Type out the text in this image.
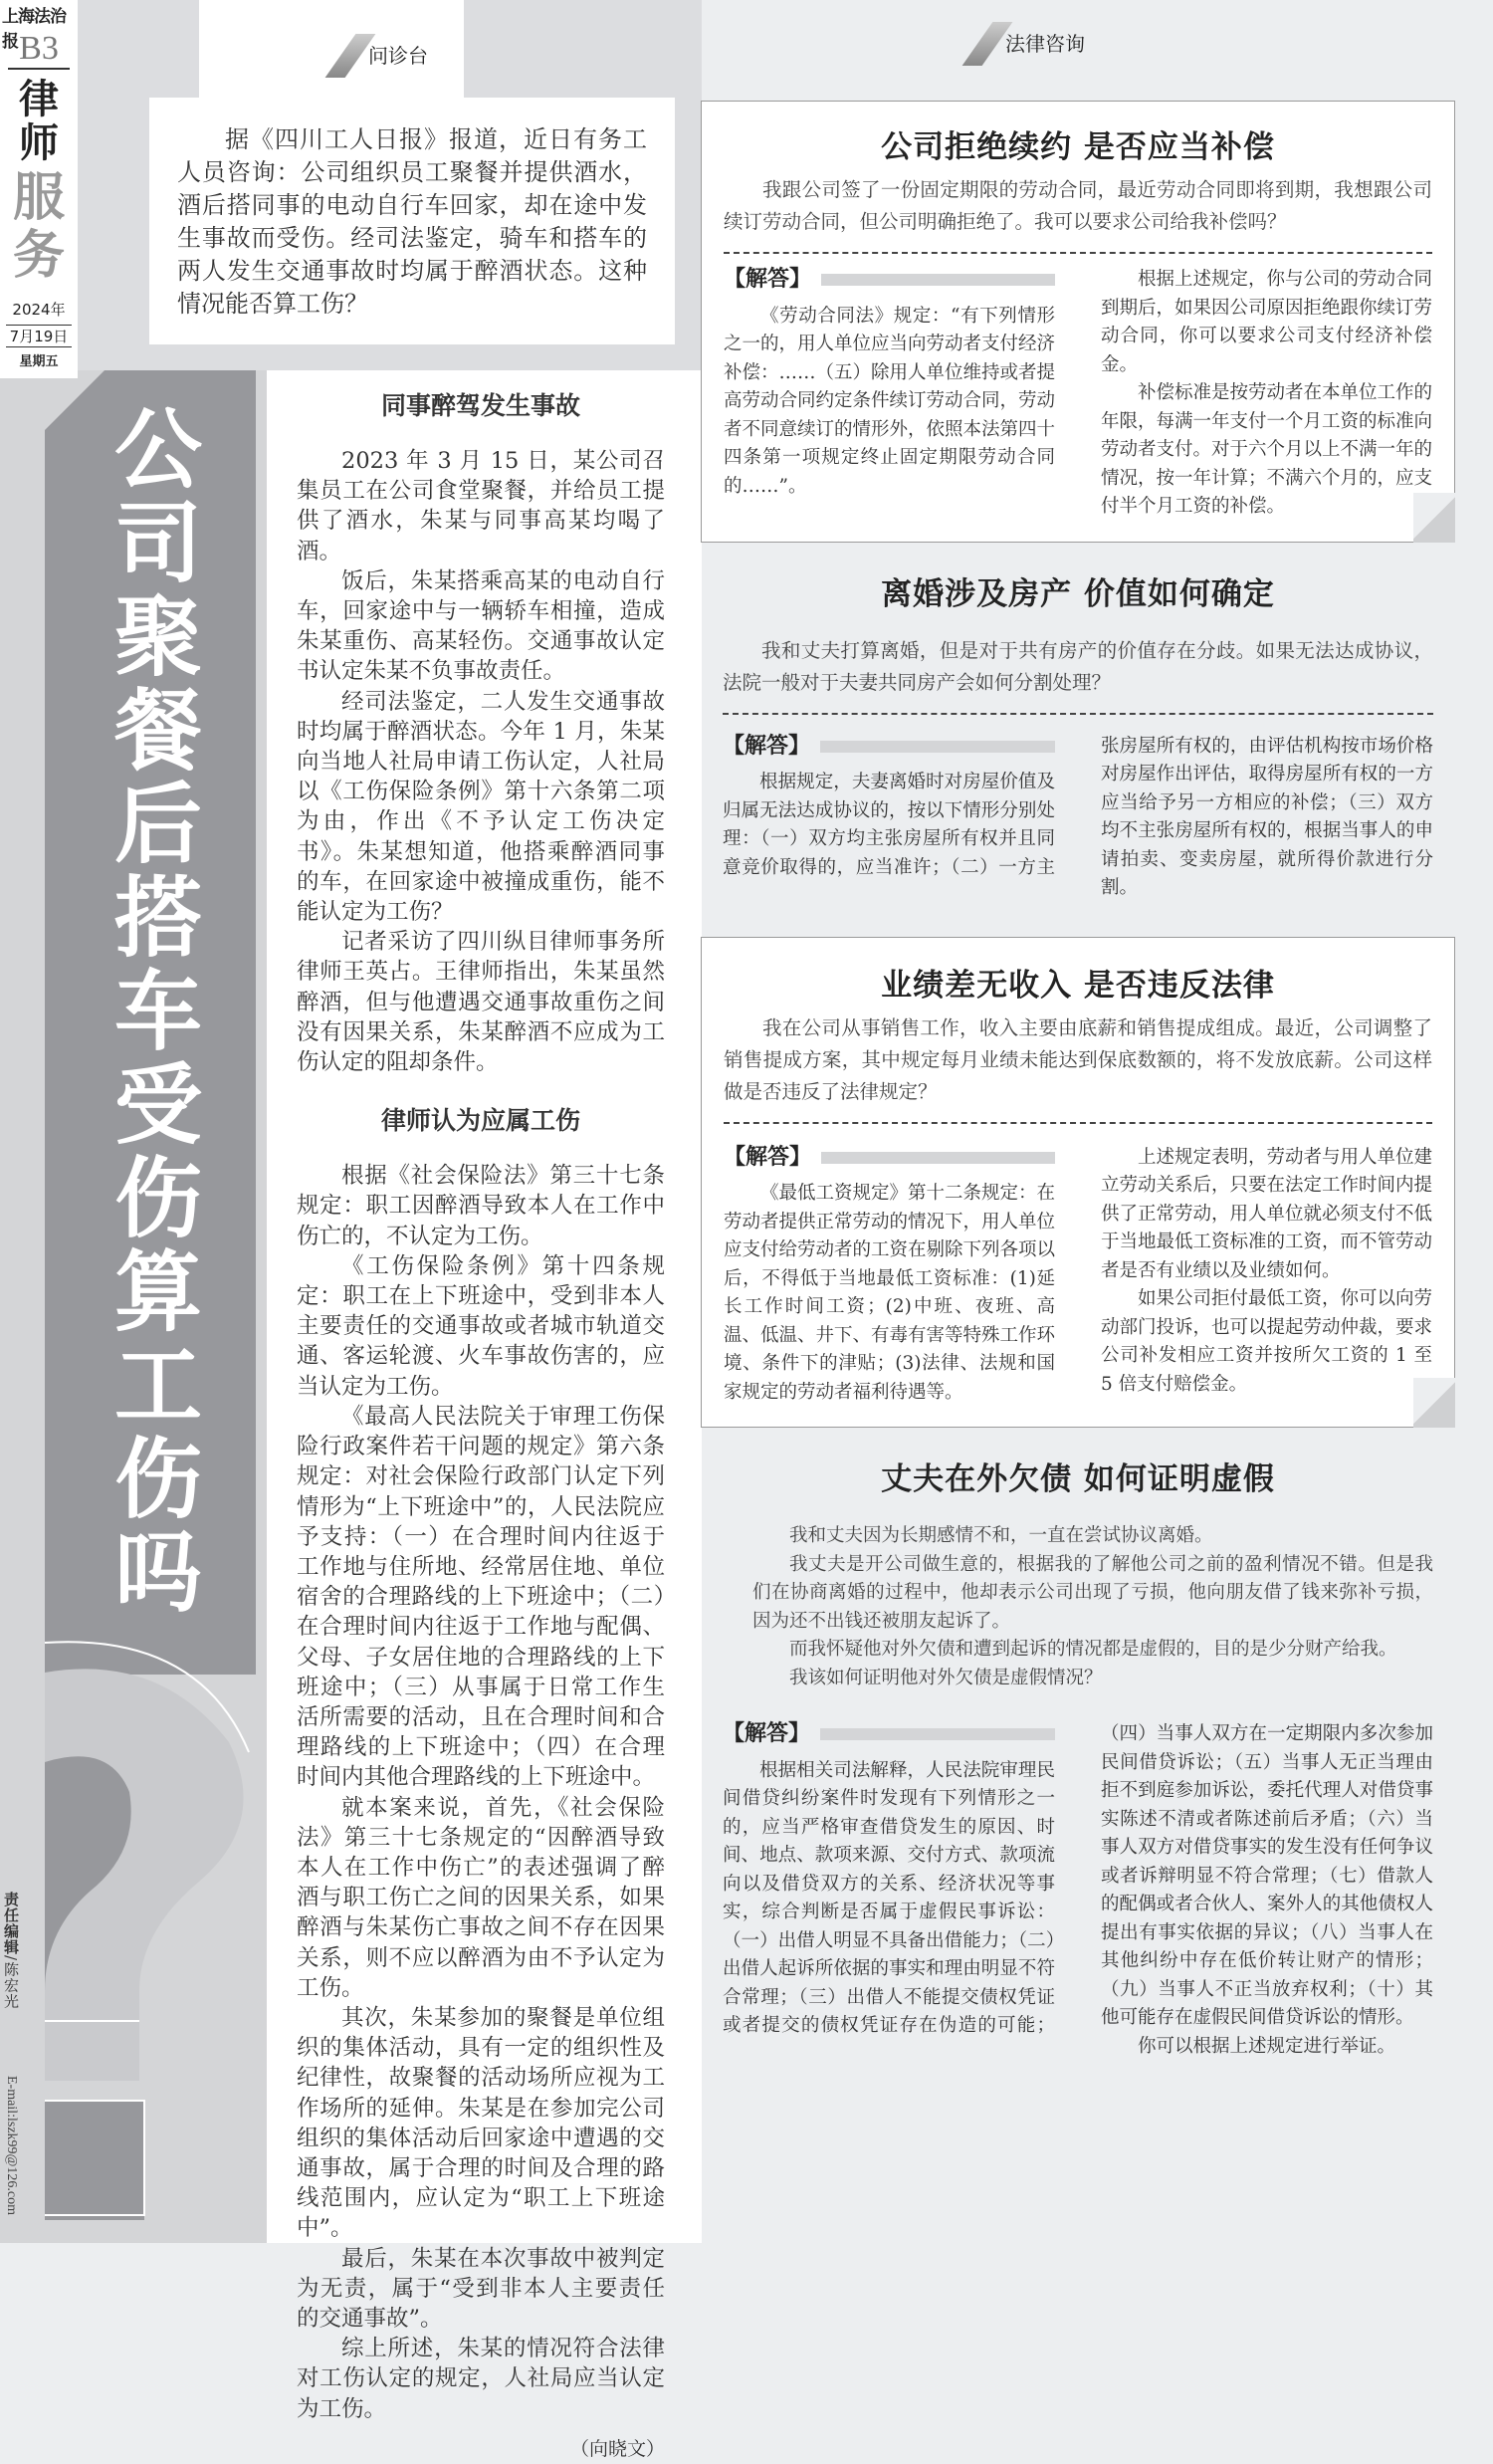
上海法治报 B3
律师
服务
2024年
7月19日
星期五
公司聚餐后搭车受伤算工伤吗
责任编辑/陈宏光
E-mail:lszk99@126.com
问诊台
据《四川工人日报》报道，近日有务工人员咨询：公司组织员工聚餐并提供酒水，酒后搭同事的电动自行车回家，却在途中发生事故而受伤。经司法鉴定，骑车和搭车的两人发生交通事故时均属于醉酒状态。这种情况能否算工伤？
同事醉驾发生事故

2023 年 3 月 15 日，某公司召集员工在公司食堂聚餐，并给员工提供了酒水，朱某与同事高某均喝了酒。

饭后，朱某搭乘高某的电动自行车，回家途中与一辆轿车相撞，造成朱某重伤、高某轻伤。交通事故认定书认定朱某不负事故责任。

经司法鉴定，二人发生交通事故时均属于醉酒状态。今年 1 月，朱某向当地人社局申请工伤认定，人社局以《工伤保险条例》第十六条第二项为由，作出《不予认定工伤决定书》。朱某想知道，他搭乘醉酒同事的车，在回家途中被撞成重伤，能不能认定为工伤？

记者采访了四川纵目律师事务所律师王英占。王律师指出，朱某虽然醉酒，但与他遭遇交通事故重伤之间没有因果关系，朱某醉酒不应成为工伤认定的阻却条件。

律师认为应属工伤

根据《社会保险法》第三十七条规定：职工因醉酒导致本人在工作中伤亡的，不认定为工伤。

《工伤保险条例》第十四条规定：职工在上下班途中，受到非本人主要责任的交通事故或者城市轨道交通、客运轮渡、火车事故伤害的，应当认定为工伤。

《最高人民法院关于审理工伤保险行政案件若干问题的规定》第六条规定：对社会保险行政部门认定下列情形为“上下班途中”的，人民法院应予支持：（一）在合理时间内往返于工作地与住所地、经常居住地、单位宿舍的合理路线的上下班途中；（二）在合理时间内往返于工作地与配偶、父母、子女居住地的合理路线的上下班途中；（三）从事属于日常工作生活所需要的活动，且在合理时间和合理路线的上下班途中；（四）在合理时间内其他合理路线的上下班途中。

就本案来说，首先，《社会保险法》第三十七条规定的“因醉酒导致本人在工作中伤亡”的表述强调了醉酒与职工伤亡之间的因果关系，如果醉酒与朱某伤亡事故之间不存在因果关系，则不应以醉酒为由不予认定为工伤。

其次，朱某参加的聚餐是单位组织的集体活动，具有一定的组织性及纪律性，故聚餐的活动场所应视为工作场所的延伸。朱某是在参加完公司组织的集体活动后回家途中遭遇的交通事故，属于合理的时间及合理的路线范围内，应认定为“职工上下班途中”。

最后，朱某在本次事故中被判定为无责，属于“受到非本人主要责任的交通事故”。

综上所述，朱某的情况符合法律对工伤认定的规定，人社局应当认定为工伤。

（向晓文）
法律咨询
公司拒绝续约 是否应当补偿

我跟公司签了一份固定期限的劳动合同，最近劳动合同即将到期，我想跟公司续订劳动合同，但公司明确拒绝了。我可以要求公司给我补偿吗？

【解答】

《劳动合同法》规定：“有下列情形之一的，用人单位应当向劳动者支付经济补偿：……（五）除用人单位维持或者提高劳动合同约定条件续订劳动合同，劳动者不同意续订的情形外，依照本法第四十四条第一项规定终止固定期限劳动合同的……”。

根据上述规定，你与公司的劳动合同到期后，如果因公司原因拒绝跟你续订劳动合同，你可以要求公司支付经济补偿金。

补偿标准是按劳动者在本单位工作的年限，每满一年支付一个月工资的标准向劳动者支付。对于六个月以上不满一年的情况，按一年计算；不满六个月的，应支付半个月工资的补偿。

离婚涉及房产 价值如何确定

我和丈夫打算离婚，但是对于共有房产的价值存在分歧。如果无法达成协议，法院一般对于夫妻共同房产会如何分割处理？

【解答】

根据规定，夫妻离婚时对房屋价值及归属无法达成协议的，按以下情形分别处理：（一）双方均主张房屋所有权并且同意竞价取得的，应当准许；（二）一方主张房屋所有权的，由评估机构按市场价格对房屋作出评估，取得房屋所有权的一方应当给予另一方相应的补偿；（三）双方均不主张房屋所有权的，根据当事人的申请拍卖、变卖房屋，就所得价款进行分割。

业绩差无收入 是否违反法律

我在公司从事销售工作，收入主要由底薪和销售提成组成。最近，公司调整了销售提成方案，其中规定每月业绩未能达到保底数额的，将不发放底薪。公司这样做是否违反了法律规定？

【解答】

《最低工资规定》第十二条规定：在劳动者提供正常劳动的情况下，用人单位应支付给劳动者的工资在剔除下列各项以后，不得低于当地最低工资标准：(1)延长工作时间工资；(2)中班、夜班、高温、低温、井下、有毒有害等特殊工作环境、条件下的津贴；(3)法律、法规和国家规定的劳动者福利待遇等。

上述规定表明，劳动者与用人单位建立劳动关系后，只要在法定工作时间内提供了正常劳动，用人单位就必须支付不低于当地最低工资标准的工资，而不管劳动者是否有业绩以及业绩如何。

如果公司拒付最低工资，你可以向劳动部门投诉，也可以提起劳动仲裁，要求公司补发相应工资并按所欠工资的 1 至 5 倍支付赔偿金。

丈夫在外欠债 如何证明虚假

我和丈夫因为长期感情不和，一直在尝试协议离婚。

我丈夫是开公司做生意的，根据我的了解他公司之前的盈利情况不错。但是我们在协商离婚的过程中，他却表示公司出现了亏损，他向朋友借了钱来弥补亏损，因为还不出钱还被朋友起诉了。

而我怀疑他对外欠债和遭到起诉的情况都是虚假的，目的是少分财产给我。

我该如何证明他对外欠债是虚假情况？

【解答】

根据相关司法解释，人民法院审理民间借贷纠纷案件时发现有下列情形之一的，应当严格审查借贷发生的原因、时间、地点、款项来源、交付方式、款项流向以及借贷双方的关系、经济状况等事实，综合判断是否属于虚假民事诉讼：（一）出借人明显不具备出借能力；（二）出借人起诉所依据的事实和理由明显不符合常理；（三）出借人不能提交债权凭证或者提交的债权凭证存在伪造的可能；（四）当事人双方在一定期限内多次参加民间借贷诉讼；（五）当事人无正当理由拒不到庭参加诉讼，委托代理人对借贷事实陈述不清或者陈述前后矛盾；（六）当事人双方对借贷事实的发生没有任何争议或者诉辩明显不符合常理；（七）借款人的配偶或者合伙人、案外人的其他债权人提出有事实依据的异议；（八）当事人在其他纠纷中存在低价转让财产的情形；（九）当事人不正当放弃权利；（十）其他可能存在虚假民间借贷诉讼的情形。

你可以根据上述规定进行举证。
